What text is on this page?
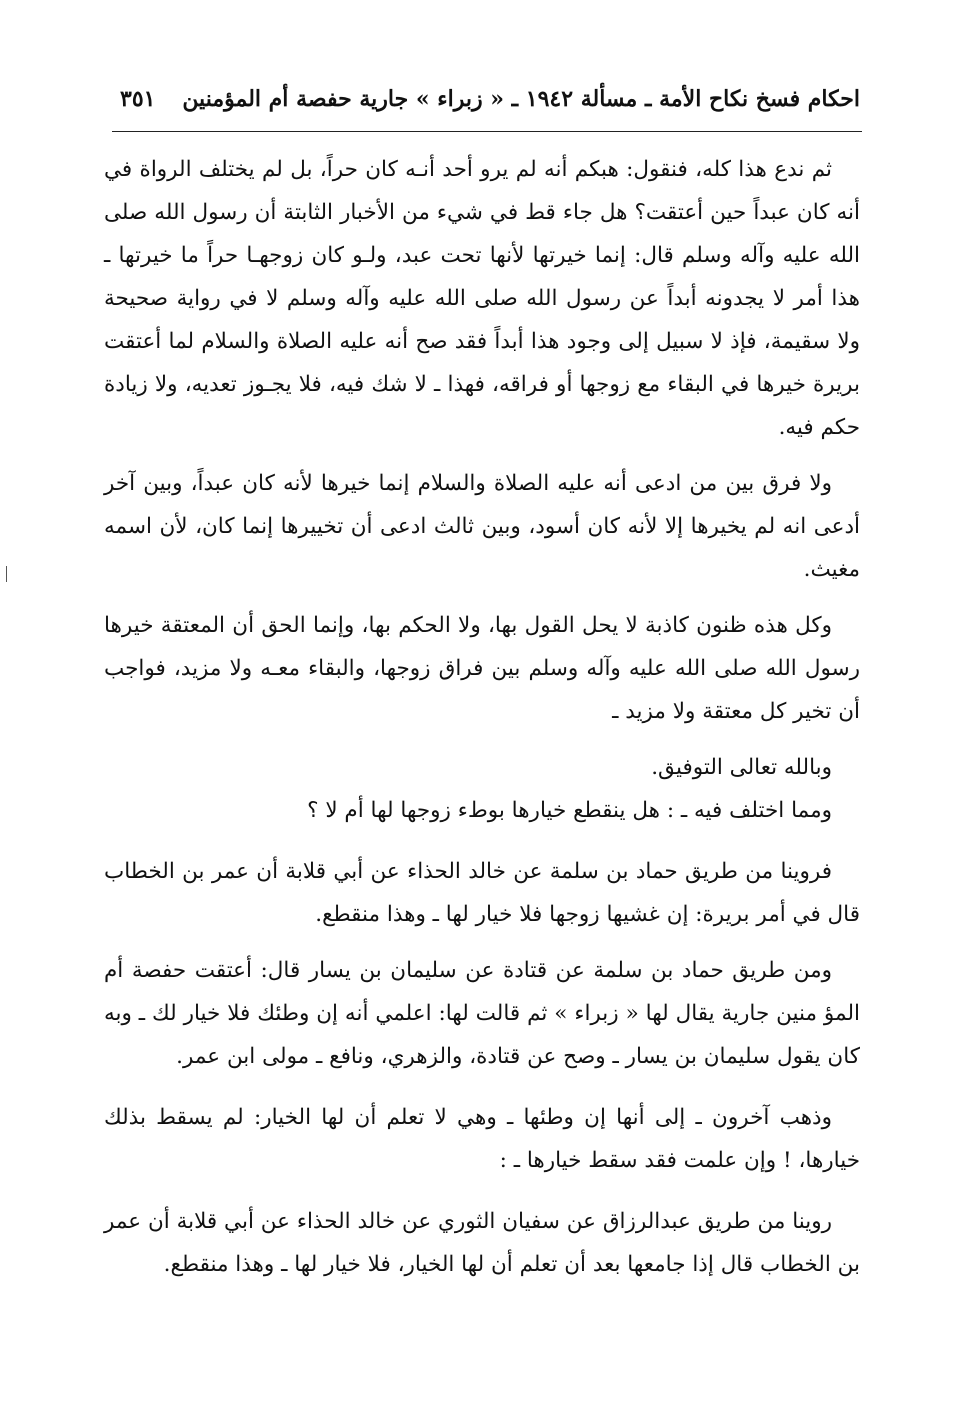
احكام فسخ نكاح الأمة ـ مسألة ١٩٤٢ ـ « زبراء » جارية حفصة أم المؤمنين
٣٥١

ثم ندع هذا كله، فنقول: هبكم أنه لم يرو أحد أنـه كان حراً، بل لم يختلف الرواة في أنه كان عبداً حين أعتقت؟ هل جاء قط في شيء من الأخبار الثابتة أن رسول الله صلى الله عليه وآله وسلم قال: إنما خيرتها لأنها تحت عبد، ولـو كان زوجهـا حراً ما خيرتها ـ هذا أمر لا يجدونه أبداً عن رسول الله صلى الله عليه وآله وسلم لا في رواية صحيحة ولا سقيمة، فإذ لا سبيل إلى وجود هذا أبداً فقد صح أنه عليه الصلاة والسلام لما أعتقت بريرة خيرها في البقاء مع زوجها أو فراقه، فهذا ـ لا شك فيه، فلا يجـوز تعديه، ولا زيادة حكم فيه.

ولا فرق بين من ادعى أنه عليه الصلاة والسلام إنما خيرها لأنه كان عبداً، وبين آخر أدعى انه لم يخيرها إلا لأنه كان أسود، وبين ثالث ادعى أن تخييرها إنما كان، لأن اسمه مغيث.

وكل هذه ظنون كاذبة لا يحل القول بها، ولا الحكم بها، وإنما الحق أن المعتقة خيرها رسول الله صلى الله عليه وآله وسلم بين فراق زوجها، والبقاء معـه ولا مزيد، فواجب أن تخير كل معتقة ولا مزيد ـ

وبالله تعالى التوفيق.

ومما اختلف فيه ـ : هل ينقطع خيارها بوطء زوجها لها أم لا ؟

فروينا من طريق حماد بن سلمة عن خالد الحذاء عن أبي قلابة أن عمر بن الخطاب قال في أمر بريرة: إن غشيها زوجها فلا خيار لها ـ وهذا منقطع.

ومن طريق حماد بن سلمة عن قتادة عن سليمان بن يسار قال: أعتقت حفصة أم المؤ منين جارية يقال لها « زبراء » ثم قالت لها: اعلمي أنه إن وطئك فلا خيار لك ـ وبه كان يقول سليمان بن يسار ـ وصح عن قتادة، والزهري، ونافع ـ مولى ابن عمر.

وذهب آخرون ـ إلى أنها إن وطئها ـ وهي لا تعلم أن لها الخيار: لم يسقط بذلك خيارها، ! وإن علمت فقد سقط خيارها ـ :

روينا من طريق عبدالرزاق عن سفيان الثوري عن خالد الحذاء عن أبي قلابة أن عمر بن الخطاب قال إذا جامعها بعد أن تعلم أن لها الخيار، فلا خيار لها ـ وهذا منقطع.
